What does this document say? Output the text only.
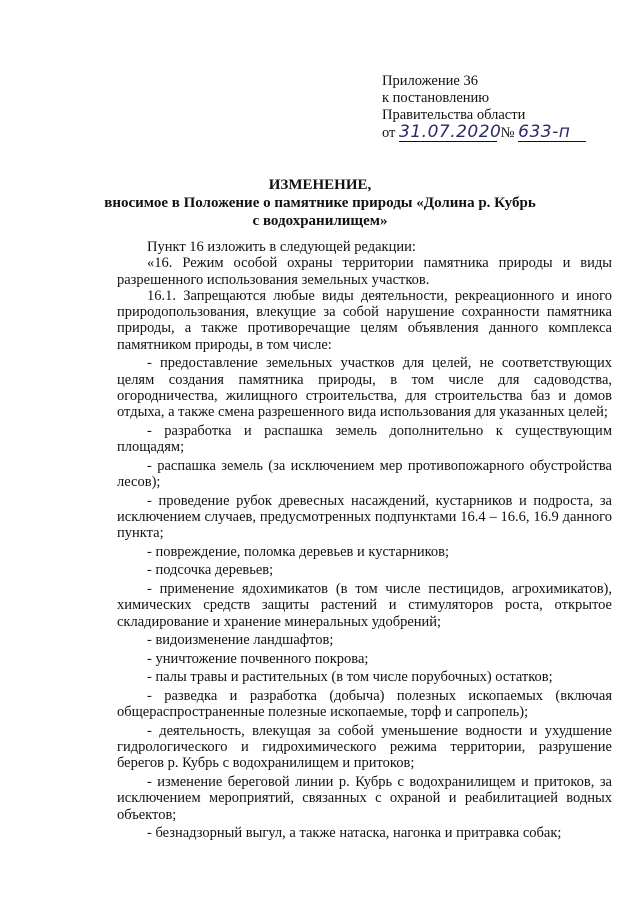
Приложение 36
к постановлению
Правительства области
от 31.07.2020 № 633-п
ИЗМЕНЕНИЕ,
вносимое в Положение о памятнике природы «Долина р. Кубрь
с водохранилищем»

Пункт 16 изложить в следующей редакции:

«16. Режим особой охраны территории памятника природы и виды разрешенного использования земельных участков.

16.1. Запрещаются любые виды деятельности, рекреационного и иного природопользования, влекущие за собой нарушение сохранности памятника природы, а также противоречащие целям объявления данного комплекса памятником природы, в том числе:

- предоставление земельных участков для целей, не соответствующих целям создания памятника природы, в том числе для садоводства, огородничества, жилищного строительства, для строительства баз и домов отдыха, а также смена разрешенного вида использования для указанных целей;

- разработка и распашка земель дополнительно к существующим площадям;

- распашка земель (за исключением мер противопожарного обустройства лесов);

- проведение рубок древесных насаждений, кустарников и подроста, за исключением случаев, предусмотренных подпунктами 16.4 – 16.6, 16.9 данного пункта;

- повреждение, поломка деревьев и кустарников;

- подсочка деревьев;

- применение ядохимикатов (в том числе пестицидов, агрохимикатов), химических средств защиты растений и стимуляторов роста, открытое складирование и хранение минеральных удобрений;

- видоизменение ландшафтов;

- уничтожение почвенного покрова;

- палы травы и растительных (в том числе порубочных) остатков;

- разведка и разработка (добыча) полезных ископаемых (включая общераспространенные полезные ископаемые, торф и сапропель);

- деятельность, влекущая за собой уменьшение водности и ухудшение гидрологического и гидрохимического режима территории, разрушение берегов р. Кубрь с водохранилищем и притоков;

- изменение береговой линии р. Кубрь с водохранилищем и притоков, за исключением мероприятий, связанных с охраной и реабилитацией водных объектов;

- безнадзорный выгул, а также натаска, нагонка и притравка собак;
